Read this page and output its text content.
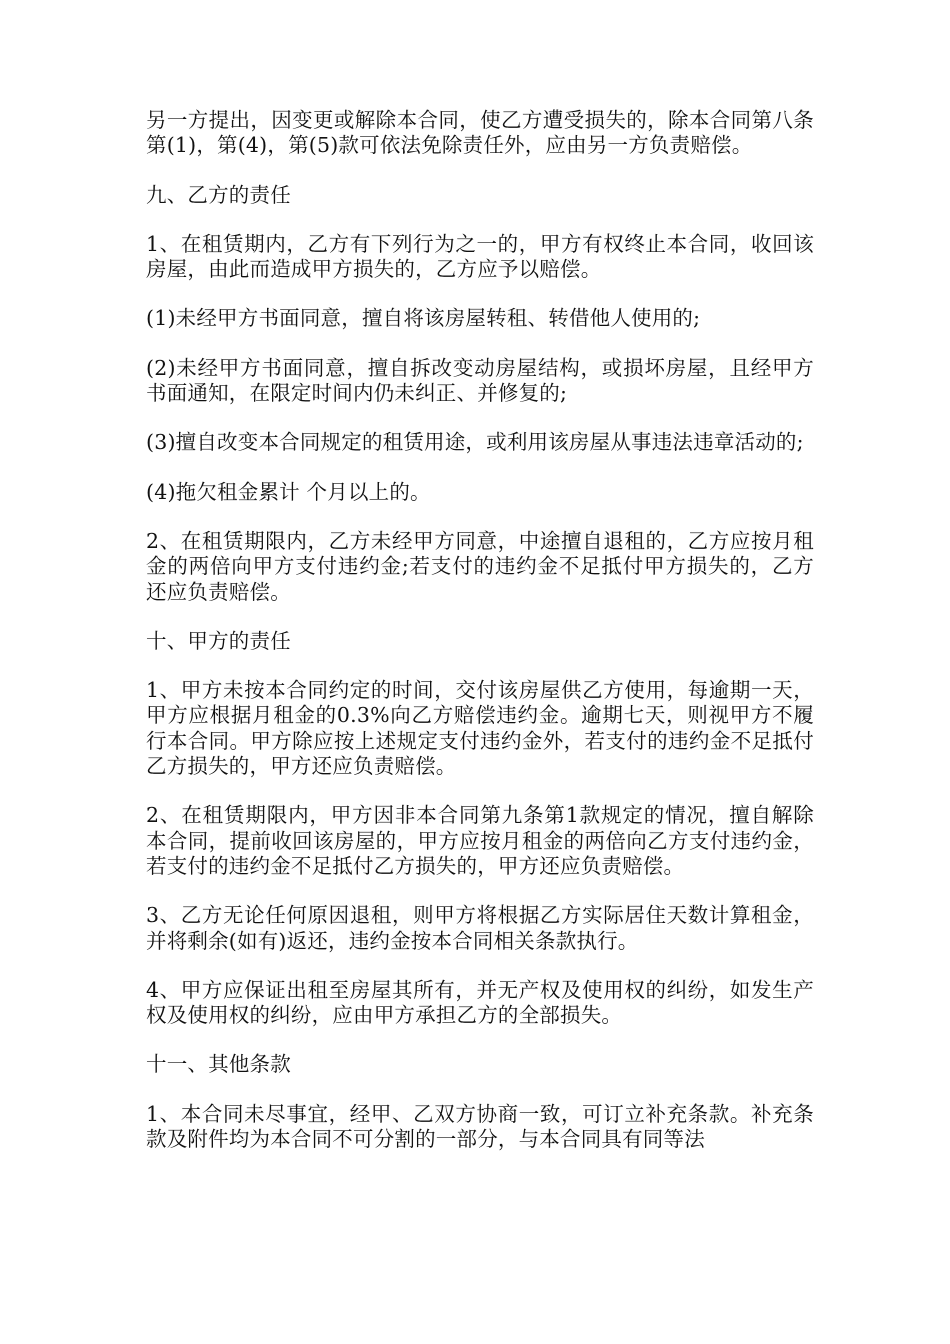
另一方提出，因变更或解除本合同，使乙方遭受损失的，除本合同第八条第(1)，第(4)，第(5)款可依法免除责任外，应由另一方负责赔偿。

九、乙方的责任

1、在租赁期内，乙方有下列行为之一的，甲方有权终止本合同，收回该房屋，由此而造成甲方损失的，乙方应予以赔偿。

(1)未经甲方书面同意，擅自将该房屋转租、转借他人使用的;

(2)未经甲方书面同意，擅自拆改变动房屋结构，或损坏房屋，且经甲方书面通知，在限定时间内仍未纠正、并修复的;

(3)擅自改变本合同规定的租赁用途，或利用该房屋从事违法违章活动的;

(4)拖欠租金累计 个月以上的。

2、在租赁期限内，乙方未经甲方同意，中途擅自退租的，乙方应按月租金的两倍向甲方支付违约金;若支付的违约金不足抵付甲方损失的，乙方还应负责赔偿。

十、甲方的责任

1、甲方未按本合同约定的时间，交付该房屋供乙方使用，每逾期一天，甲方应根据月租金的0.3%向乙方赔偿违约金。逾期七天，则视甲方不履行本合同。甲方除应按上述规定支付违约金外，若支付的违约金不足抵付乙方损失的，甲方还应负责赔偿。

2、在租赁期限内，甲方因非本合同第九条第1款规定的情况，擅自解除本合同，提前收回该房屋的，甲方应按月租金的两倍向乙方支付违约金，若支付的违约金不足抵付乙方损失的，甲方还应负责赔偿。

3、乙方无论任何原因退租，则甲方将根据乙方实际居住天数计算租金，并将剩余(如有)返还，违约金按本合同相关条款执行。

4、甲方应保证出租至房屋其所有，并无产权及使用权的纠纷，如发生产权及使用权的纠纷，应由甲方承担乙方的全部损失。

十一、其他条款

1、本合同未尽事宜，经甲、乙双方协商一致，可订立补充条款。补充条款及附件均为本合同不可分割的一部分，与本合同具有同等法
